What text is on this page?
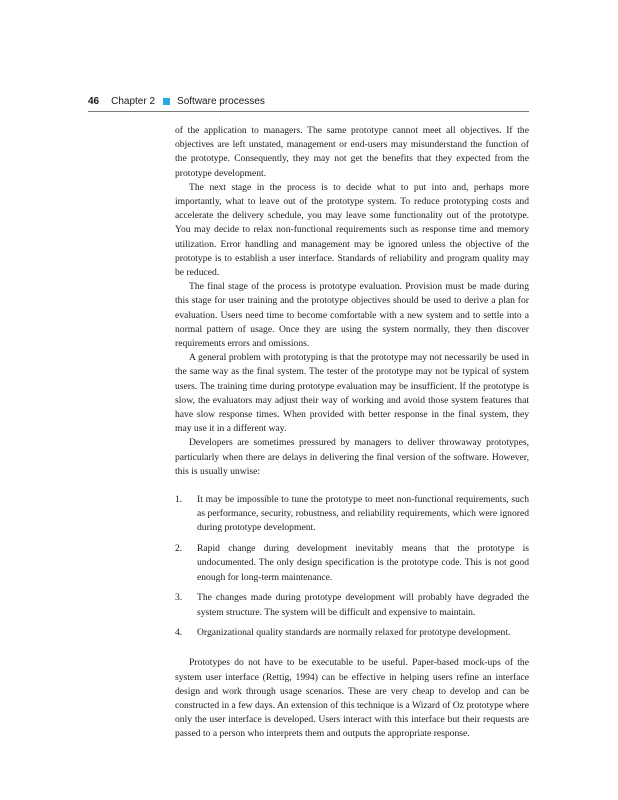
46 Chapter 2 Software processes

of the application to managers. The same prototype cannot meet all objectives. If the objectives are left unstated, management or end-users may misunderstand the function of the prototype. Consequently, they may not get the benefits that they expected from the prototype development.

The next stage in the process is to decide what to put into and, perhaps more importantly, what to leave out of the prototype system. To reduce prototyping costs and accelerate the delivery schedule, you may leave some functionality out of the prototype. You may decide to relax non-functional requirements such as response time and memory utilization. Error handling and management may be ignored unless the objective of the prototype is to establish a user interface. Standards of reliability and program quality may be reduced.

The final stage of the process is prototype evaluation. Provision must be made during this stage for user training and the prototype objectives should be used to derive a plan for evaluation. Users need time to become comfortable with a new system and to settle into a normal pattern of usage. Once they are using the system normally, they then discover requirements errors and omissions.

A general problem with prototyping is that the prototype may not necessarily be used in the same way as the final system. The tester of the prototype may not be typical of system users. The training time during prototype evaluation may be insufficient. If the prototype is slow, the evaluators may adjust their way of working and avoid those system features that have slow response times. When provided with better response in the final system, they may use it in a different way.

Developers are sometimes pressured by managers to deliver throwaway prototypes, particularly when there are delays in delivering the final version of the software. However, this is usually unwise:

1. It may be impossible to tune the prototype to meet non-functional requirements, such as performance, security, robustness, and reliability requirements, which were ignored during prototype development.
2. Rapid change during development inevitably means that the prototype is undocumented. The only design specification is the prototype code. This is not good enough for long-term maintenance.
3. The changes made during prototype development will probably have degraded the system structure. The system will be difficult and expensive to maintain.
4. Organizational quality standards are normally relaxed for prototype development.

Prototypes do not have to be executable to be useful. Paper-based mock-ups of the system user interface (Rettig, 1994) can be effective in helping users refine an interface design and work through usage scenarios. These are very cheap to develop and can be constructed in a few days. An extension of this technique is a Wizard of Oz prototype where only the user interface is developed. Users interact with this interface but their requests are passed to a person who interprets them and outputs the appropriate response.
